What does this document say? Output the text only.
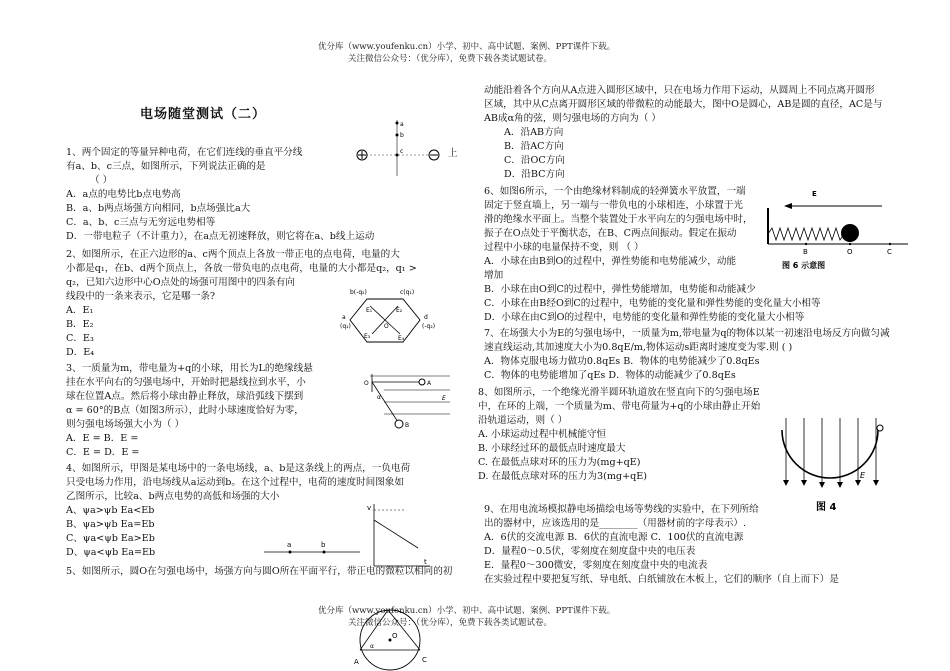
优分库（www.youfenku.cn）小学、初中、高中试题、案例、PPT课件下载。
关注微信公众号：（优分库），免费下载各类试题试卷。
电场随堂测试（二）
1、两个固定的等量异种电荷，在它们连线的垂直平分线
有a、b、c三点，如图所示，下列说法正确的是
（ ）
A．a点的电势比b点电势高
B．a、b两点场强方向相同，b点场强比a大
C．a、b、c三点与无穷远电势相等
D．一带电粒子（不计重力），在a点无初速释放，则它将在a、b线上运动
上
2、如图所示，在正六边形的a、c两个顶点上各放一带正电的点电荷，电量的大
小都是q₁，在b、d两个顶点上，各放一带负电的点电荷，电量的大小都是q₂，q₁ >
q₂，已知六边形中心O点处的场强可用图中的四条有向
线段中的一条来表示，它是哪一条?
A．E₁
B．E₂
C．E₃
D．E₄
3、一质量为m，带电量为+q的小球，用长为L的绝缘线悬
挂在水平向右的匀强电场中，开始时把悬线拉到水平，小
球在位置A点。然后将小球由静止释放，球沿弧线下摆到
α = 60°的B点（如图3所示），此时小球速度恰好为零，
则匀强电场场强大小为（ ）
A．E = B．E =
C．E = D．E =
4、如图所示，甲图是某电场中的一条电场线，a、b是这条线上的两点，一负电荷
只受电场力作用，沿电场线从a运动到b。在这个过程中，电荷的速度时间图象如
乙图所示，比较a、b两点电势的高低和场强的大小
A、ψa>ψb Ea<Eb
B、ψa>ψb Ea=Eb
C、ψa<ψb Ea>Eb
D、ψa<ψb Ea=Eb
5、如图所示，圆O在匀强电场中，场强方向与圆O所在平面平行，带正电的微粒以相同的初
动能沿着各个方向从A点进入圆形区域中，只在电场力作用下运动，从圆周上不同点离开圆形
区域，其中从C点离开圆形区域的带微粒的动能最大，图中O是圆心，AB是圆的直径，AC是与
AB成α角的弦，则匀强电场的方向为（ ）
A．沿AB方向
B．沿AC方向
C．沿OC方向
D．沿BC方向
6、如图6所示，一个由绝缘材料制成的轻弹簧水平放置，一端
固定于竖直墙上，另一端与一带负电的小球相连，小球置于光
滑的绝缘水平面上。当整个装置处于水平向左的匀强电场中时，
振子在O点处于平衡状态，在B、C两点间振动。假定在振动
过程中小球的电量保持不变，则 （ ）
A．小球在由B到O的过程中，弹性势能和电势能减少，动能
增加
B．小球在由O到C的过程中，弹性势能增加，电势能和动能减少
C．小球在由B经O到C的过程中，电势能的变化量和弹性势能的变化量大小相等
D．小球在由C到O的过程中，电势能的变化量和弹性势能的变化量大小相等
7、在场强大小为E的匀强电场中，一质量为m,带电量为q的物体以某一初速沿电场反方向做匀减
速直线运动,其加速度大小为0.8qE/m,物体运动s距离时速度变为零.则 ( )
A．物体克服电场力做功0.8qEs B．物体的电势能减少了0.8qEs
C．物体的电势能增加了qEs D．物体的动能减少了0.8qEs
8、如图所示，一个绝缘光滑半圆环轨道放在竖直向下的匀强电场E
中，在环的上端，一个质量为m、带电荷量为+q的小球由静止开始
沿轨道运动，则（ ）
A. 小球运动过程中机械能守恒
B. 小球经过环的最低点时速度最大
C. 在最低点球对环的压力为(mg+qE)
D. 在最低点球对环的压力为3(mg+qE)
9、在用电流场模拟静电场描绘电场等势线的实验中，在下列所给
出的器材中，应该选用的是________（用器材前的字母表示）.
A．6伏的交流电源 B．6伏的直流电源 C．100伏的直流电源
D．量程0～0.5伏，零刻度在刻度盘中央的电压表
E．量程0～300微安，零刻度在刻度盘中央的电流表
在实验过程中要把复写纸、导电纸、白纸铺放在木板上，它们的顺序（自上而下）是
优分库（www.youfenku.cn）小学、初中、高中试题、案例、PPT课件下载。
关注微信公众号：（优分库），免费下载各类试题试卷。
a
b
c
b(-q₂)	c(q₁)
a
(q₁)
d
(-q₂)
E₁	E₂
E₃	E₄
O
O	A
B
E
α
a	b
v
t
A	C
O
α
E
B	O	C
图 6 示意图
E
图 4
